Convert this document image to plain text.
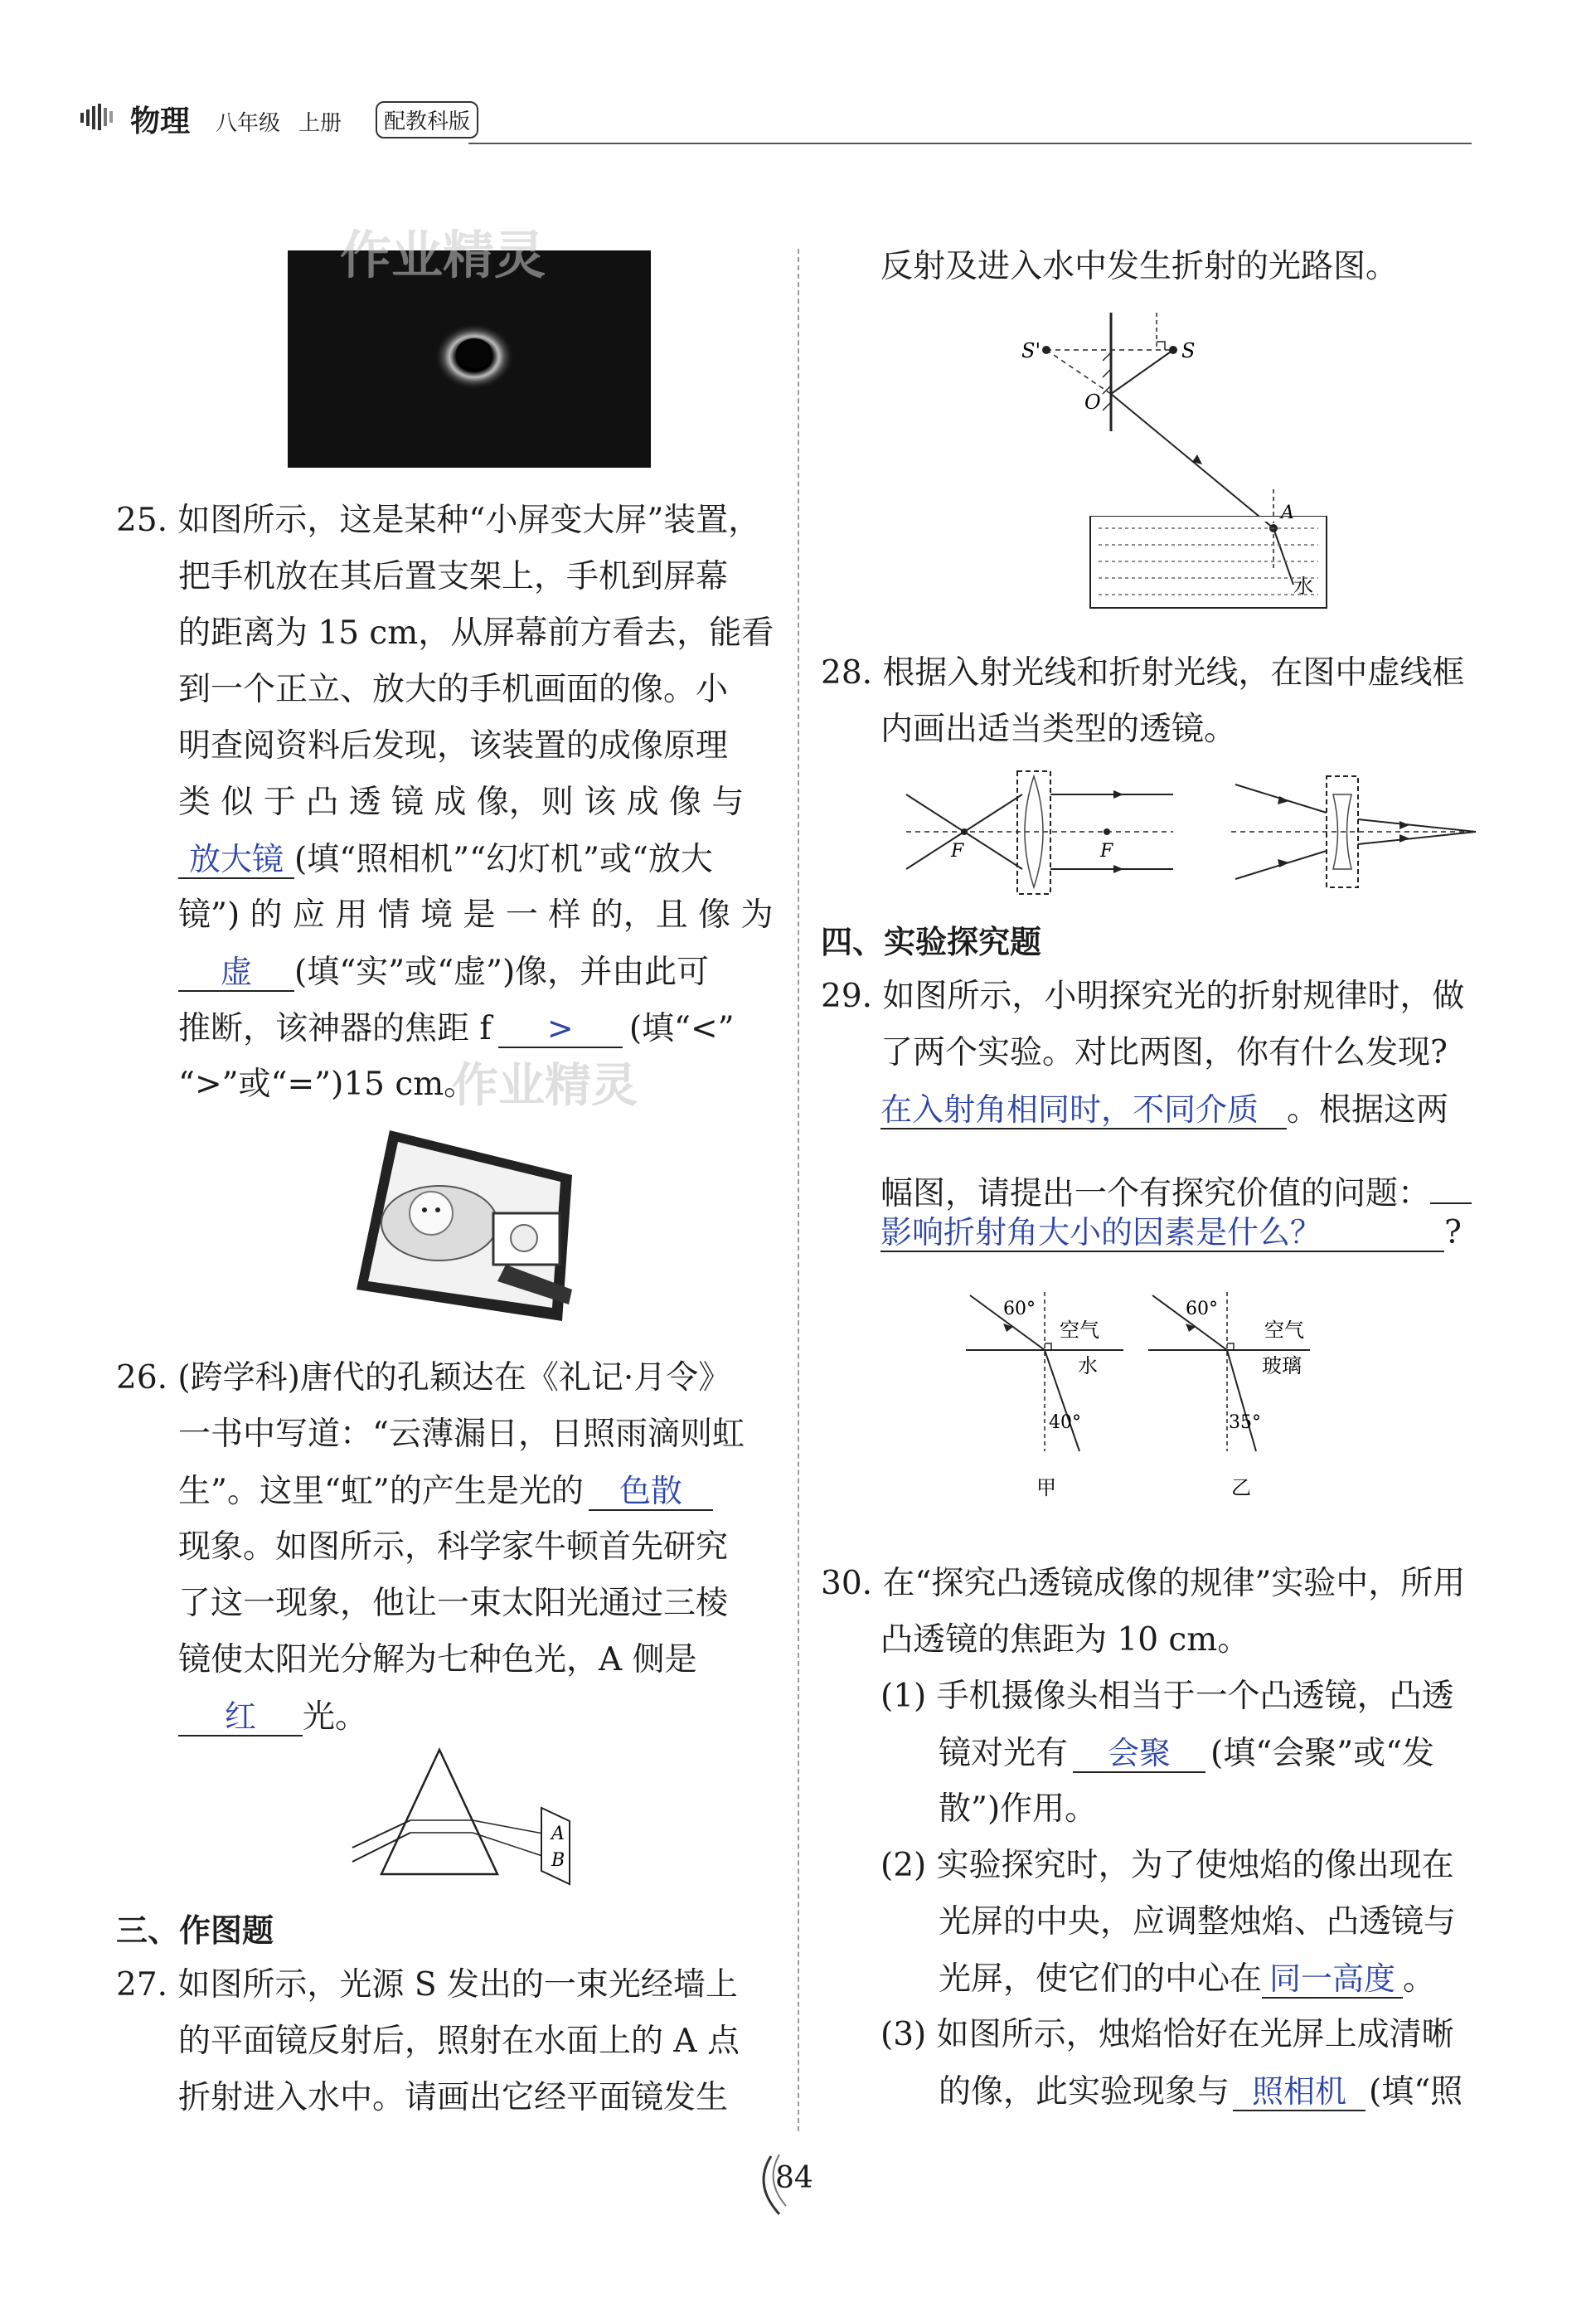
物理 八年级 上册	配教科版
作业精灵
25. 如图所示，这是某种“小屏变大屏”装置，
把手机放在其后置支架上，手机到屏幕
的距离为 15 cm，从屏幕前方看去，能看
到一个正立、放大的手机画面的像。小
明查阅资料后发现，该装置的成像原理
类 似 于 凸 透 镜 成 像，则 该 成 像 与
放大镜 (填“照相机”“幻灯机”或“放大
镜”) 的 应 用 情 境 是 一 样 的，且 像 为
虚 (填“实”或“虚”)像，并由此可
推断，该神器的焦距 f > (填“<”
“>”或“=”)15 cm。
作业精灵
26. (跨学科)唐代的孔颖达在《礼记·月令》
一书中写道：“云薄漏日，日照雨滴则虹
生”。这里“虹”的产生是光的 色散
现象。如图所示，科学家牛顿首先研究
了这一现象，他让一束太阳光通过三棱
镜使太阳光分解为七种色光，A 侧是
红 光。
A
B
三、作图题
27. 如图所示，光源 S 发出的一束光经墙上
的平面镜反射后，照射在水面上的 A 点
折射进入水中。请画出它经平面镜发生
反射及进入水中发生折射的光路图。
S'	S
O
A
水
28. 根据入射光线和折射光线，在图中虚线框
内画出适当类型的透镜。
F	F
四、实验探究题
29. 如图所示，小明探究光的折射规律时，做
了两个实验。对比两图，你有什么发现?
在入射角相同时，不同介质 。根据这两
幅图，请提出一个有探究价值的问题：
影响折射角大小的因素是什么？	?
60°
空气
水
40°
甲
60°
空气
玻璃
35°
乙
30. 在“探究凸透镜成像的规律”实验中，所用
凸透镜的焦距为 10 cm。
(1) 手机摄像头相当于一个凸透镜，凸透
镜对光有 会聚 (填“会聚”或“发
散”)作用。
(2) 实验探究时，为了使烛焰的像出现在
光屏的中央，应调整烛焰、凸透镜与
光屏，使它们的中心在 同一高度 。
(3) 如图所示，烛焰恰好在光屏上成清晰
的像，此实验现象与 照相机 (填“照
84
